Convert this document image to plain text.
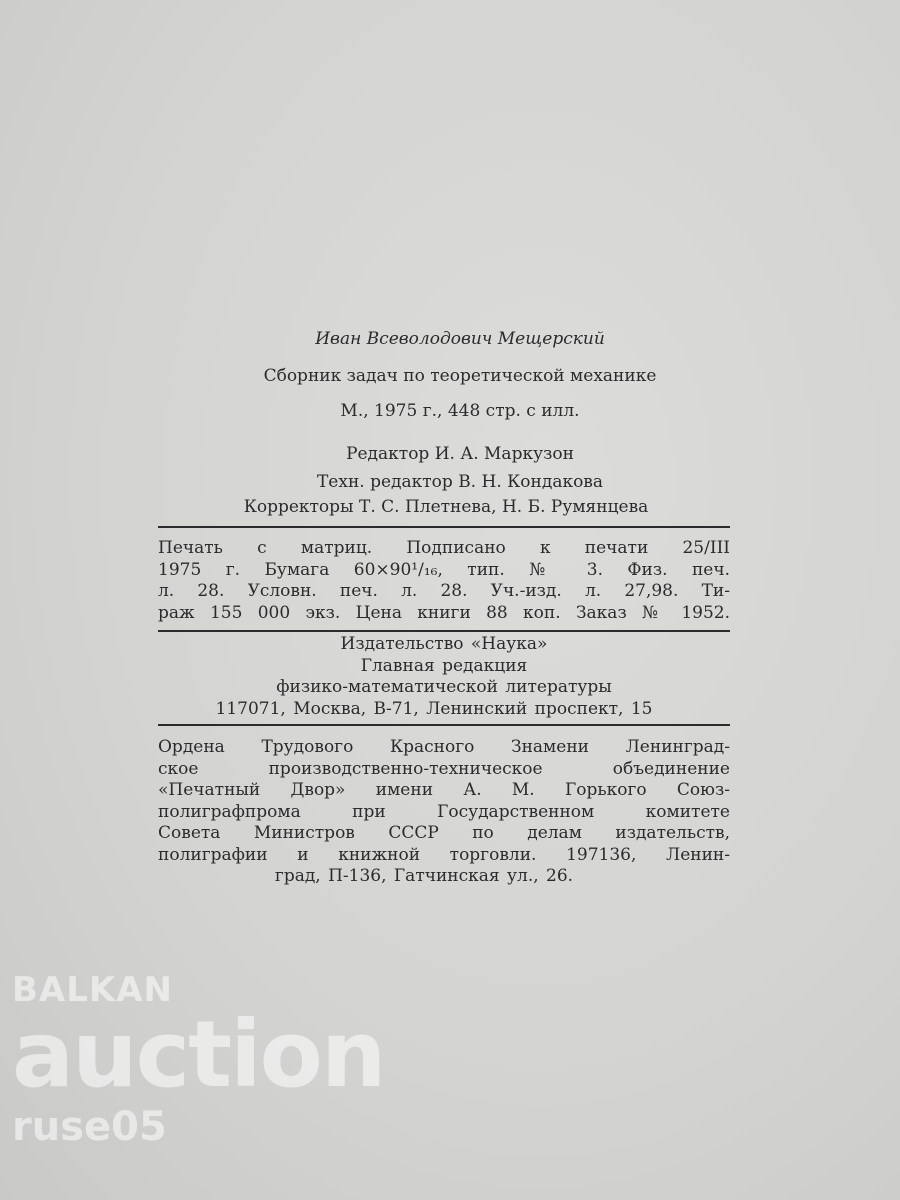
Иван Всеволодович Мещерский
Сборник задач по теоретической механике
М., 1975 г., 448 стр. с илл.
Редактор И. А. Маркузон
Техн. редактор В. Н. Кондакова
Корректоры Т. С. Плетнева, Н. Б. Румянцева
Печать с матриц. Подписано к печати 25/III
1975 г. Бумага 60×90¹/₁₆, тип. № 3. Физ. печ.
л. 28. Условн. печ. л. 28. Уч.-изд. л. 27,98. Ти-
раж 155 000 экз. Цена книги 88 коп. Заказ № 1952.
Издательство «Наука»
Главная редакция
физико-математической литературы
117071, Москва, В-71, Ленинский проспект, 15
Ордена Трудового Красного Знамени Ленинград-
ское производственно-техническое объединение
«Печатный Двор» имени А. М. Горького Союз-
полиграфпрома при Государственном комитете
Совета Министров СССР по делам издательств,
полиграфии и книжной торговли. 197136, Ленин-
град, П-136, Гатчинская ул., 26.
BALKAN
auction
ruse05
